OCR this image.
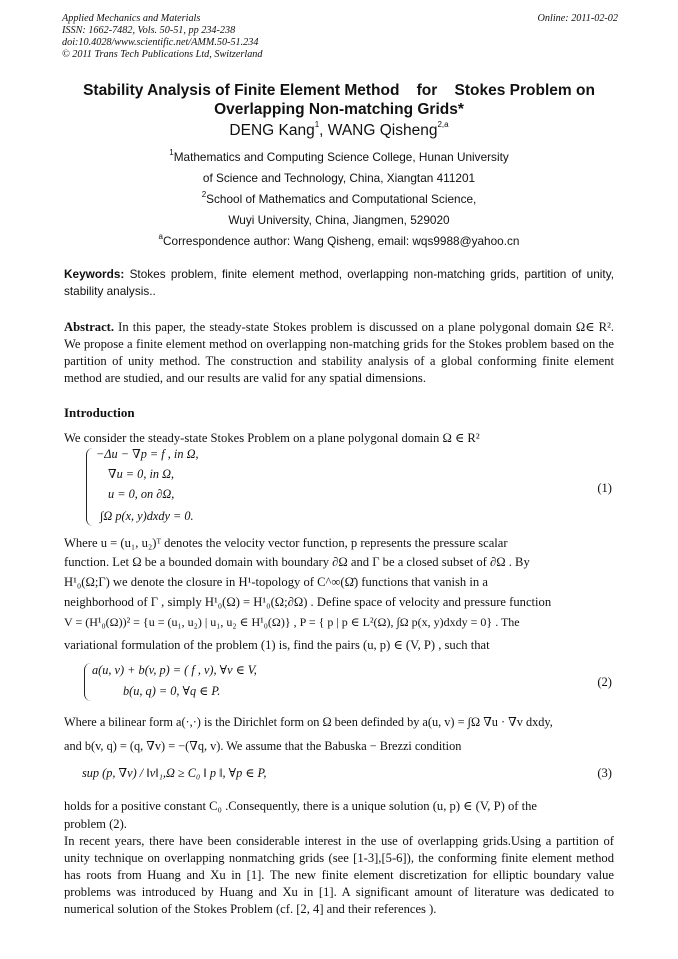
Applied Mechanics and Materials
ISSN: 1662-7482, Vols. 50-51, pp 234-238
doi:10.4028/www.scientific.net/AMM.50-51.234
© 2011 Trans Tech Publications Ltd, Switzerland
Online: 2011-02-02
Stability Analysis of Finite Element Method    for    Stokes Problem on
Overlapping Non-matching Grids*
DENG Kang$^1$, WANG Qisheng$^{2,a}$
$^1$Mathematics and Computing Science College, Hunan University
of Science and Technology, China, Xiangtan 411201
$^2$School of Mathematics and Computational Science,
Wuyi University, China, Jiangmen, 529020
$^a$Correspondence author: Wang Qisheng, email: wqs9988@yahoo.cn
Keywords: Stokes problem, finite element method, overlapping non-matching grids, partition of unity, stability analysis..
Abstract. In this paper, the steady-state Stokes problem is discussed on a plane polygonal domain Ω∈ R². We propose a finite element method on overlapping non-matching grids for the Stokes problem based on the partition of unity method. The construction and stability analysis of a global conforming finite element method are studied, and our results are valid for any spatial dimensions.
Introduction
We consider the steady-state Stokes Problem on a plane polygonal domain Ω ∈ R²
−Δu − ∇p = f , in Ω,
∇u = 0, in Ω,
u = 0, on ∂Ω,
∫Ω p(x, y)dxdy = 0.
(1)
Where u = (u₁, u₂)ᵀ denotes the velocity vector function, p represents the pressure scalar
function. Let Ω be a bounded domain with boundary ∂Ω and Γ be a closed subset of ∂Ω . By
H¹₀(Ω;Γ) we denote the closure in H¹-topology of C^∞(Ω̄) functions that vanish in a
neighborhood of Γ , simply H¹₀(Ω) = H¹₀(Ω;∂Ω) . Define space of velocity and pressure function
V = (H¹₀(Ω))² = {u = (u₁, u₂) | u₁, u₂ ∈ H¹₀(Ω)} , P = { p | p ∈ L²(Ω), ∫Ω p(x, y)dxdy = 0} . The
variational formulation of the problem (1) is, find the pairs (u, p) ∈ (V, P) , such that
a(u, v) + b(v, p) = ( f , v), ∀v ∈ V,
b(u, q) = 0, ∀q ∈ P.
(2)
Where a bilinear form a(·,·) is the Dirichlet form on Ω been definded by a(u, v) = ∫Ω ∇u · ∇v dxdy,
and b(v, q) = (q, ∇v) = −(∇q, v). We assume that the Babuska − Brezzi condition
sup (p, ∇v) / ‖v‖₁,Ω ≥ C₀ ‖ p ‖, ∀p ∈ P,	(3)
holds for a positive constant C₀ .Consequently, there is a unique solution (u, p) ∈ (V, P) of the
problem (2).
In recent years, there have been considerable interest in the use of overlapping grids.Using a partition of unity technique on overlapping nonmatching grids (see [1-3],[5-6]), the conforming finite element method has roots from Huang and Xu in [1]. The new finite element discretization for elliptic boundary value problems was introduced by Huang and Xu in [1]. A significant amount of literature was dedicated to numerical solution of the Stokes Problem (cf. [2, 4] and their references ).
